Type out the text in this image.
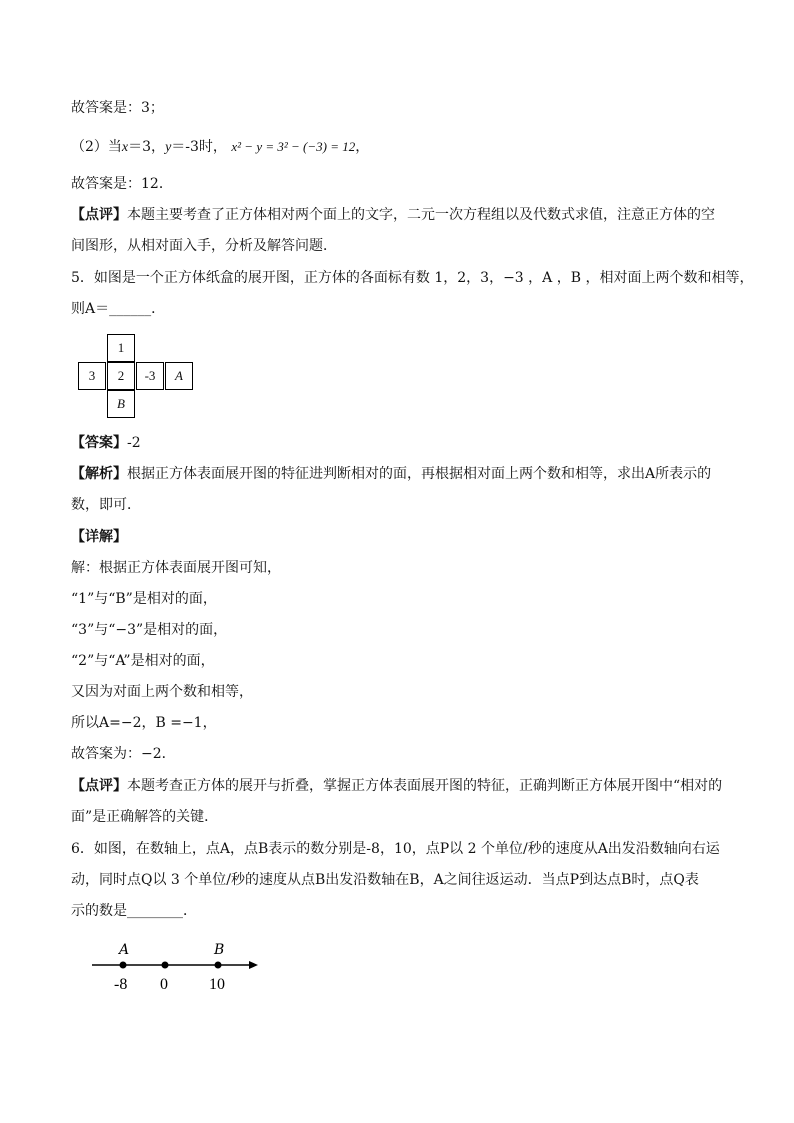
故答案是：3；
（2）当x＝3，y＝-3时， x² − y = 3² − (−3) = 12，
故答案是：12．
【点评】本题主要考查了正方体相对两个面上的文字，二元一次方程组以及代数式求值，注意正方体的空
间图形，从相对面入手，分析及解答问题．
5．如图是一个正方体纸盒的展开图，正方体的各面标有数 1，2，3，−3 ，A ，B ，相对面上两个数和相等，
则A＝______．
1
3	2	-3	A
B
【答案】-2
【解析】根据正方体表面展开图的特征进判断相对的面，再根据相对面上两个数和相等，求出A所表示的
数，即可．
【详解】
解：根据正方体表面展开图可知，
“1”与“B”是相对的面，
“3”与“−3”是相对的面，
“2”与“A”是相对的面，
又因为对面上两个数和相等，
所以A=−2，B =−1，
故答案为：−2．
【点评】本题考查正方体的展开与折叠，掌握正方体表面展开图的特征，正确判断正方体展开图中“相对的
面”是正确解答的关键．
6．如图，在数轴上，点A，点B表示的数分别是-8，10，点P以 2 个单位/秒的速度从A出发沿数轴向右运
动，同时点Q以 3 个单位/秒的速度从点B出发沿数轴在B，A之间往返运动．当点P到达点B时，点Q表
示的数是________．
A	B
-8 0	10
